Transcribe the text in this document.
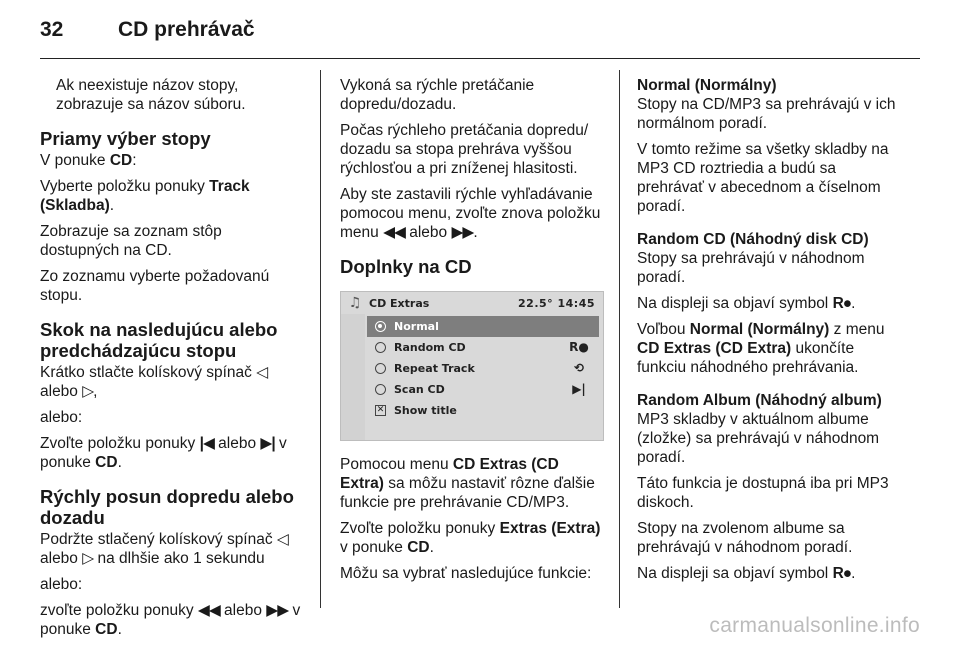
32	CD prehrávač

Ak neexistuje názov stopy, zobrazuje sa názov súboru.

Priamy výber stopy

V ponuke CD:

Vyberte položku ponuky Track (Skladba).

Zobrazuje sa zoznam stôp dostupných na CD.

Zo zoznamu vyberte požadovanú stopu.

Skok na nasledujúcu alebo predchádzajúcu stopu

Krátko stlačte kolískový spínač ◁ alebo ▷,

alebo:

Zvoľte položku ponuky |◀ alebo ▶| v ponuke CD.

Rýchly posun dopredu alebo dozadu

Podržte stlačený kolískový spínač ◁ alebo ▷ na dlhšie ako 1 sekundu

alebo:

zvoľte položku ponuky ◀◀ alebo ▶▶ v ponuke CD.

Vykoná sa rýchle pretáčanie dopredu/dozadu.

Počas rýchleho pretáčania dopredu/ dozadu sa stopa prehráva vyššou rýchlosťou a pri zníženej hlasitosti.

Aby ste zastavili rýchle vyhľadávanie pomocou menu, zvoľte znova položku menu ◀◀ alebo ▶▶.

Doplnky na CD
♫ CD Extras	22.5° 14:45
Normal
Random CD	R●
Repeat Track	⟲
Scan CD	▶|
✕ Show title

Pomocou menu CD Extras (CD Extra) sa môžu nastaviť rôzne ďalšie funkcie pre prehrávanie CD/MP3.

Zvoľte položku ponuky Extras (Extra) v ponuke CD.

Môžu sa vybrať nasledujúce funkcie:

Normal (Normálny)

Stopy na CD/MP3 sa prehrávajú v ich normálnom poradí.

V tomto režime sa všetky skladby na MP3 CD roztriedia a budú sa prehrávať v abecednom a číselnom poradí.

Random CD (Náhodný disk CD)

Stopy sa prehrávajú v náhodnom poradí.

Na displeji sa objaví symbol R●.

Voľbou Normal (Normálny) z menu CD Extras (CD Extra) ukončíte funkciu náhodného prehrávania.

Random Album (Náhodný album)

MP3 skladby v aktuálnom albume (zložke) sa prehrávajú v náhodnom poradí.

Táto funkcia je dostupná iba pri MP3 diskoch.

Stopy na zvolenom albume sa prehrávajú v náhodnom poradí.

Na displeji sa objaví symbol R●.

carmanualsonline.info
